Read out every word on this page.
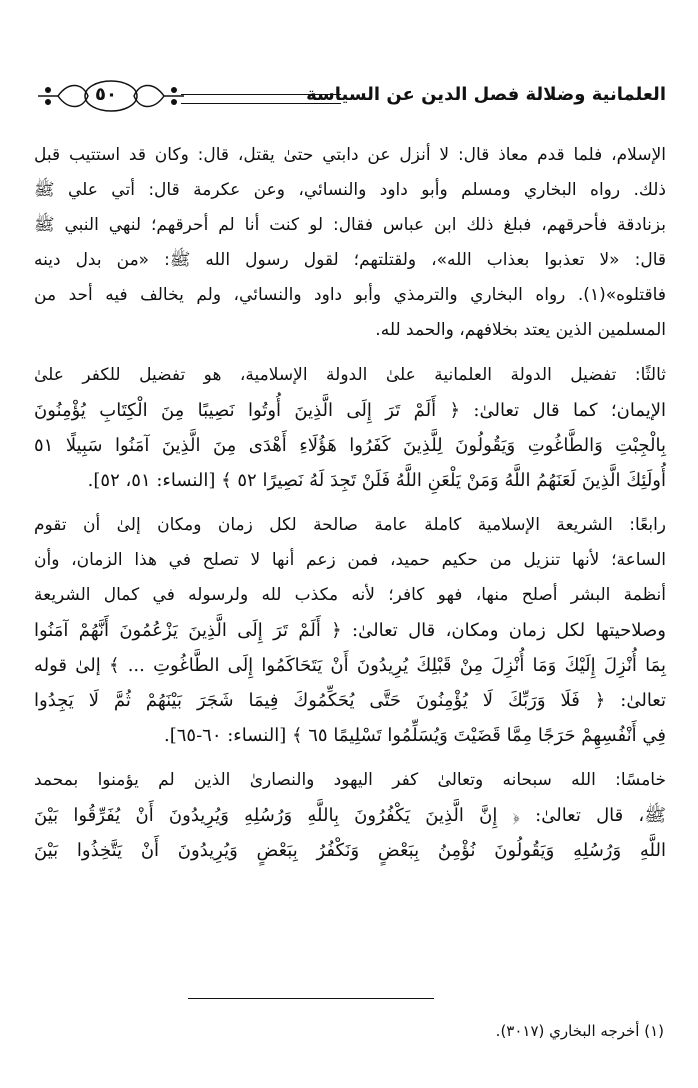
العلمانية وضلالة فصل الدين عن السياسة
٥٠
الإسلام، فلما قدم معاذ قال: لا أنزل عن دابتي حتىٰ يقتل، قال: وكان قد استتيب قبل
ذلك. رواه البخاري ومسلم وأبو داود والنسائي، وعن عكرمة قال: أتي علي ﷺ
بزنادقة فأحرقهم، فبلغ ذلك ابن عباس فقال: لو كنت أنا لم أحرقهم؛ لنهي النبي ﷺ
قال: «لا تعذبوا بعذاب الله»، ولقتلتهم؛ لقول رسول الله ﷺ: «من بدل دينه
فاقتلوه»(١). رواه البخاري والترمذي وأبو داود والنسائي، ولم يخالف فيه أحد من
المسلمين الذين يعتد بخلافهم، والحمد لله.
ثالثًا: تفضيل الدولة العلمانية علىٰ الدولة الإسلامية، هو تفضيل للكفر علىٰ
الإيمان؛ كما قال تعالىٰ: ﴿ أَلَمْ تَرَ إِلَى الَّذِينَ أُوتُوا نَصِيبًا مِنَ الْكِتَابِ يُؤْمِنُونَ
بِالْجِبْتِ وَالطَّاغُوتِ وَيَقُولُونَ لِلَّذِينَ كَفَرُوا هَؤُلَاءِ أَهْدَى مِنَ الَّذِينَ آمَنُوا سَبِيلًا ٥١
أُولَئِكَ الَّذِينَ لَعَنَهُمُ اللَّهُ وَمَنْ يَلْعَنِ اللَّهُ فَلَنْ تَجِدَ لَهُ نَصِيرًا ٥٢ ﴾ [النساء: ٥١، ٥٢].
رابعًا: الشريعة الإسلامية كاملة عامة صالحة لكل زمان ومكان إلىٰ أن تقوم
الساعة؛ لأنها تنزيل من حكيم حميد، فمن زعم أنها لا تصلح في هذا الزمان، وأن
أنظمة البشر أصلح منها، فهو كافر؛ لأنه مكذب لله ولرسوله في كمال الشريعة
وصلاحيتها لكل زمان ومكان، قال تعالىٰ: ﴿ أَلَمْ تَرَ إِلَى الَّذِينَ يَزْعُمُونَ أَنَّهُمْ آمَنُوا
بِمَا أُنْزِلَ إِلَيْكَ وَمَا أُنْزِلَ مِنْ قَبْلِكَ يُرِيدُونَ أَنْ يَتَحَاكَمُوا إِلَى الطَّاغُوتِ ... ﴾ إلىٰ قوله
تعالىٰ: ﴿ فَلَا وَرَبِّكَ لَا يُؤْمِنُونَ حَتَّى يُحَكِّمُوكَ فِيمَا شَجَرَ بَيْنَهُمْ ثُمَّ لَا يَجِدُوا
فِي أَنْفُسِهِمْ حَرَجًا مِمَّا قَضَيْتَ وَيُسَلِّمُوا تَسْلِيمًا ٦٥ ﴾ [النساء: ٦٠-٦٥].
خامسًا: الله سبحانه وتعالىٰ كفر اليهود والنصارىٰ الذين لم يؤمنوا بمحمد
ﷺ، قال تعالىٰ: ﴿ إِنَّ الَّذِينَ يَكْفُرُونَ بِاللَّهِ وَرُسُلِهِ وَيُرِيدُونَ أَنْ يُفَرِّقُوا بَيْنَ
اللَّهِ وَرُسُلِهِ وَيَقُولُونَ نُؤْمِنُ بِبَعْضٍ وَنَكْفُرُ بِبَعْضٍ وَيُرِيدُونَ أَنْ يَتَّخِذُوا بَيْنَ
(١) أخرجه البخاري (٣٠١٧).
